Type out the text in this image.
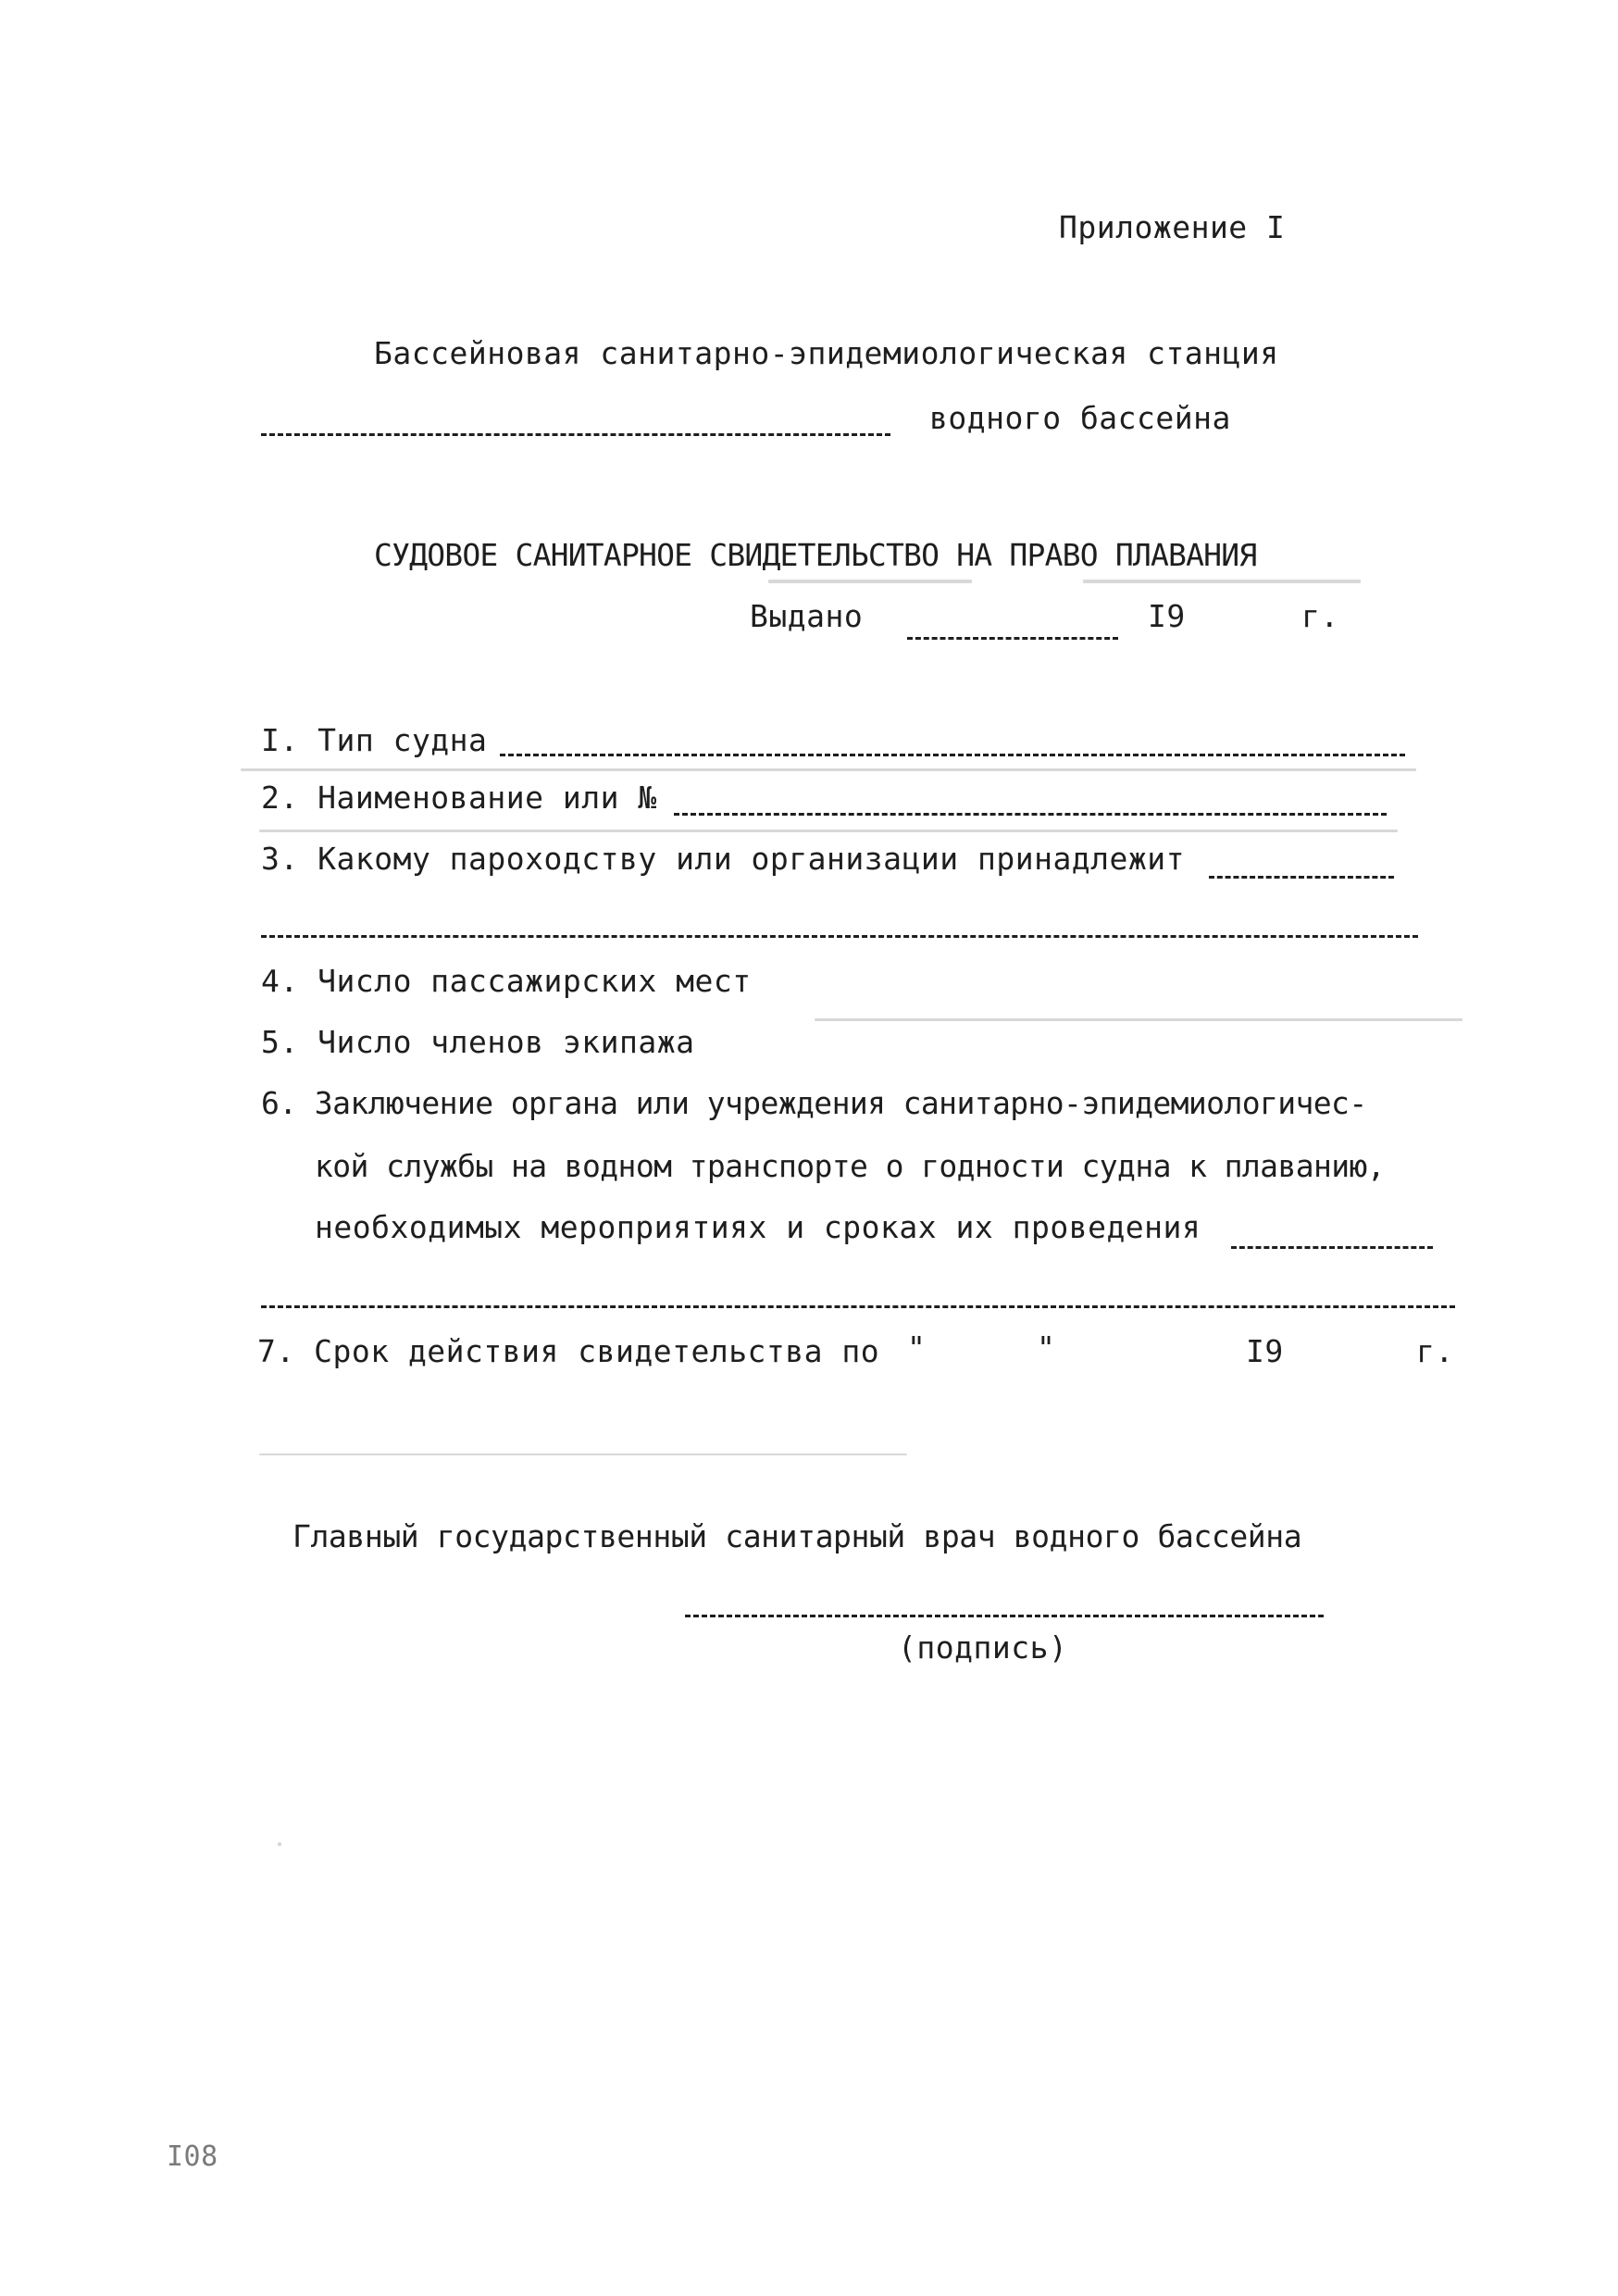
Приложение I
Бассейновая санитарно-эпидемиологическая станция
водного бассейна
СУДОВОЕ САНИТАРНОЕ СВИДЕТЕЛЬСТВО НА ПРАВО ПЛАВАНИЯ
Выдано	I9	г.
I. Тип судна
2. Наименование или №
3. Какому пароходству или организации принадлежит
4. Число пассажирских мест
5. Число членов экипажа
6. Заключение органа или учреждения санитарно-эпидемиологичес-
кой службы на водном транспорте о годности судна к плаванию,
необходимых мероприятиях и сроках их проведения
7. Срок действия свидетельства по "	"	I9	г.
Главный государственный санитарный врач водного бассейна
(подпись)
I08
